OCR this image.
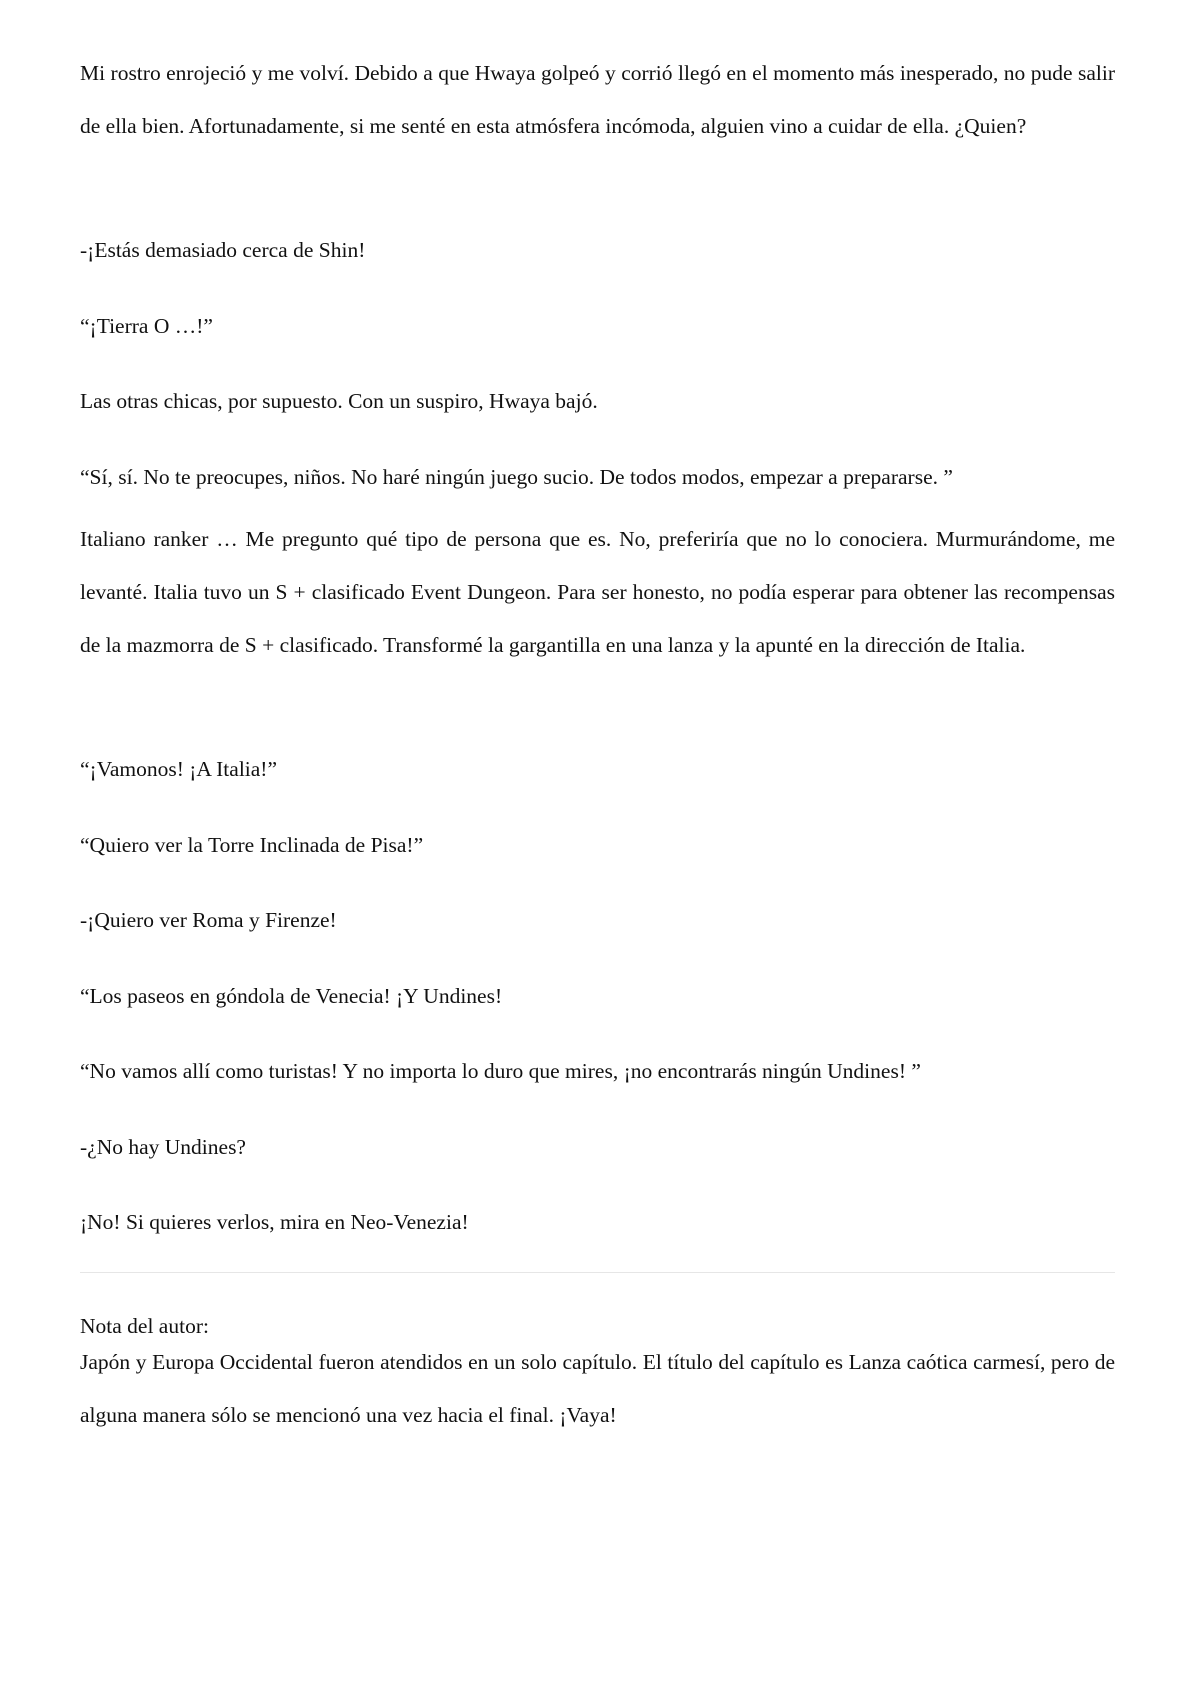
Mi rostro enrojeció y me volví. Debido a que Hwaya golpeó y corrió llegó en el momento más inesperado, no pude salir de ella bien. Afortunadamente, si me senté en esta atmósfera incómoda, alguien vino a cuidar de ella. ¿Quien?

-¡Estás demasiado cerca de Shin!

“¡Tierra O …!”

Las otras chicas, por supuesto. Con un suspiro, Hwaya bajó.

“Sí, sí. No te preocupes, niños. No haré ningún juego sucio. De todos modos, empezar a prepararse. ”

Italiano ranker … Me pregunto qué tipo de persona que es. No, preferiría que no lo conociera. Murmurándome, me levanté. Italia tuvo un S + clasificado Event Dungeon. Para ser honesto, no podía esperar para obtener las recompensas de la mazmorra de S + clasificado. Transformé la gargantilla en una lanza y la apunté en la dirección de Italia.

“¡Vamonos! ¡A Italia!”

“Quiero ver la Torre Inclinada de Pisa!”

-¡Quiero ver Roma y Firenze!

“Los paseos en góndola de Venecia! ¡Y Undines!

“No vamos allí como turistas! Y no importa lo duro que mires, ¡no encontrarás ningún Undines! ”

-¿No hay Undines?

¡No! Si quieres verlos, mira en Neo-Venezia!

Nota del autor:

Japón y Europa Occidental fueron atendidos en un solo capítulo. El título del capítulo es Lanza caótica carmesí, pero de alguna manera sólo se mencionó una vez hacia el final. ¡Vaya!
